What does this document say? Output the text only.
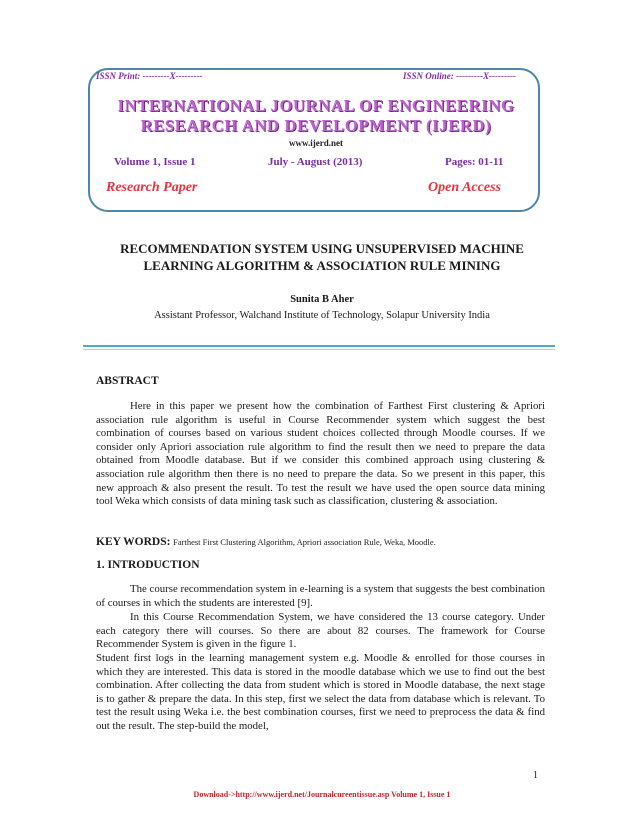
ISSN Print: ---------X---------	ISSN Online: ---------X---------
INTERNATIONAL JOURNAL OF ENGINEERING
RESEARCH AND DEVELOPMENT (IJERD)
www.ijerd.net
Volume 1, Issue 1	July - August (2013)	Pages: 01-11
Research Paper	Open Access
RECOMMENDATION SYSTEM USING UNSUPERVISED MACHINE
LEARNING ALGORITHM & ASSOCIATION RULE MINING
Sunita B Aher
Assistant Professor, Walchand Institute of Technology, Solapur University India
ABSTRACT
Here in this paper we present how the combination of Farthest First clustering & Apriori association rule algorithm is useful in Course Recommender system which suggest the best combination of courses based on various student choices collected through Moodle courses. If we consider only Apriori association rule algorithm to find the result then we need to prepare the data obtained from Moodle database. But if we consider this combined approach using clustering & association rule algorithm then there is no need to prepare the data. So we present in this paper, this new approach & also present the result. To test the result we have used the open source data mining tool Weka which consists of data mining task such as classification, clustering & association.
KEY WORDS: Farthest First Clustering Algorithm, Apriori association Rule, Weka, Moodle.
1. INTRODUCTION
The course recommendation system in e-learning is a system that suggests the best combination of courses in which the students are interested [9].
In this Course Recommendation System, we have considered the 13 course category. Under each category there will courses. So there are about 82 courses. The framework for Course Recommender System is given in the figure 1.
Student first logs in the learning management system e.g. Moodle & enrolled for those courses in which they are interested. This data is stored in the moodle database which we use to find out the best combination. After collecting the data from student which is stored in Moodle database, the next stage is to gather & prepare the data. In this step, first we select the data from database which is relevant. To test the result using Weka i.e. the best combination courses, first we need to preprocess the data & find out the result. The step-build the model,
1
Download->http://www.ijerd.net/Journalcureentissue.asp Volume 1, Issue 1
